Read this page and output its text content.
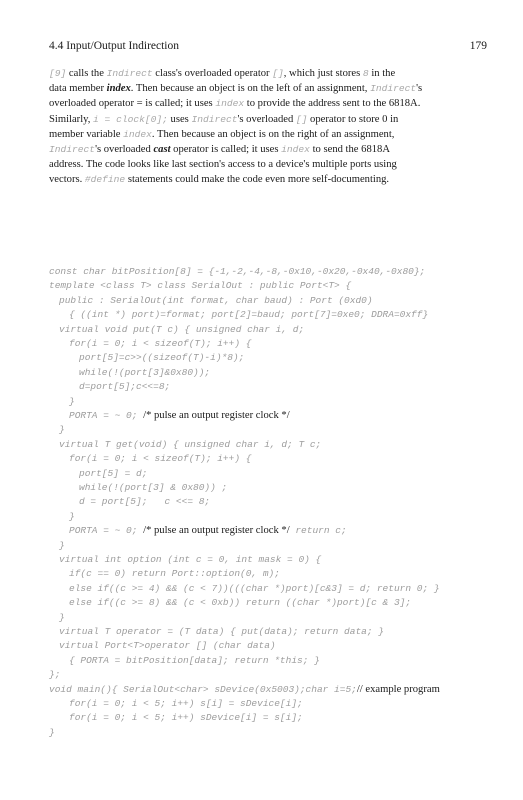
4.4 Input/Output Indirection	179
[9] calls the Indirect class's overloaded operator [], which just stores 8 in the
data member index. Then because an object is on the left of an assignment, Indirect's
overloaded operator = is called; it uses index to provide the address sent to the 6818A.
Similarly, i = clock[0]; uses Indirect's overloaded [] operator to store 0 in
member variable index. Then because an object is on the right of an assignment,
Indirect's overloaded cast operator is called; it uses index to send the 6818A
address. The code looks like last section's access to a device's multiple ports using
vectors. #define statements could make the code even more self-documenting.
const char bitPosition[8] = {-1,-2,-4,-8,-0x10,-0x20,-0x40,-0x80};
template <class T> class SerialOut : public Port<T> {
public : SerialOut(int format, char baud) : Port (0xd0)
{ ((int *) port)=format; port[2]=baud; port[7]=0xe0; DDRA=0xff}
virtual void put(T c) { unsigned char i, d;
for(i = 0; i < sizeof(T); i++) {
port[5]=c>>((sizeof(T)-i)*8);
while(!(port[3]&0x80));
d=port[5];c<<=8;
}
PORTA = ~ 0; /* pulse an output register clock */
}
virtual T get(void) { unsigned char i, d; T c;
for(i = 0; i < sizeof(T); i++) {
port[5] = d;
while(!(port[3] & 0x80)) ;
d = port[5];   c <<= 8;
}
PORTA = ~ 0; /* pulse an output register clock */ return c;
}
virtual int option (int c = 0, int mask = 0) {
if(c == 0) return Port::option(0, m);
else if((c >= 4) && (c < 7))(((char *)port)[c&3] = d; return 0; }
else if((c >= 8) && (c < 0xb)) return ((char *)port)[c & 3];
}
virtual T operator = (T data) { put(data); return data; }
virtual Port<T>operator [] (char data)
{ PORTA = bitPosition[data]; return *this; }
};
void main(){ SerialOut<char> sDevice(0x5003);char i=5;// example program
for(i = 0; i < 5; i++) s[i] = sDevice[i];
for(i = 0; i < 5; i++) sDevice[i] = s[i];
}
